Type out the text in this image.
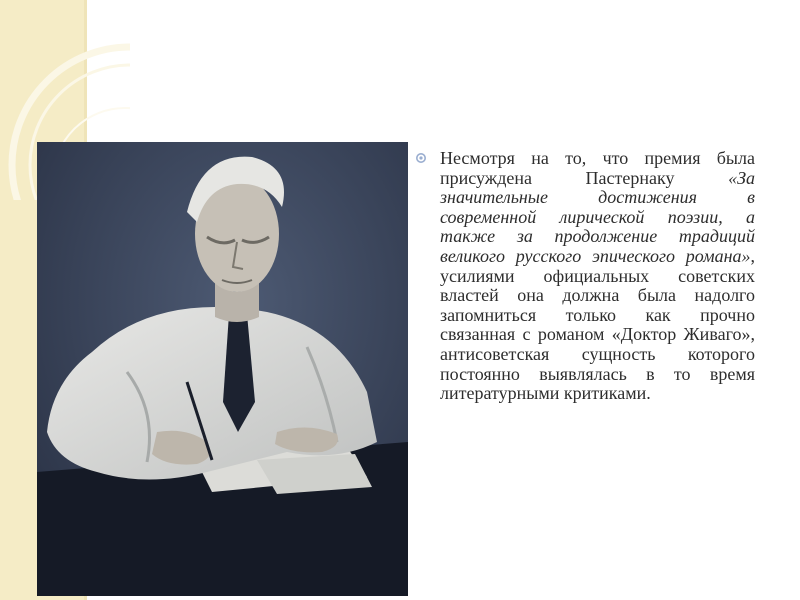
Несмотря на то, что премия была присуждена Пастернаку «За значительные достижения в современной лирической поэзии, а также за продолжение традиций великого русского эпического романа», усилиями официальных советских властей она должна была надолго запомниться только как прочно связанная с романом «Доктор Живаго», антисоветская сущность которого постоянно выявлялась в то время литературными критиками.
